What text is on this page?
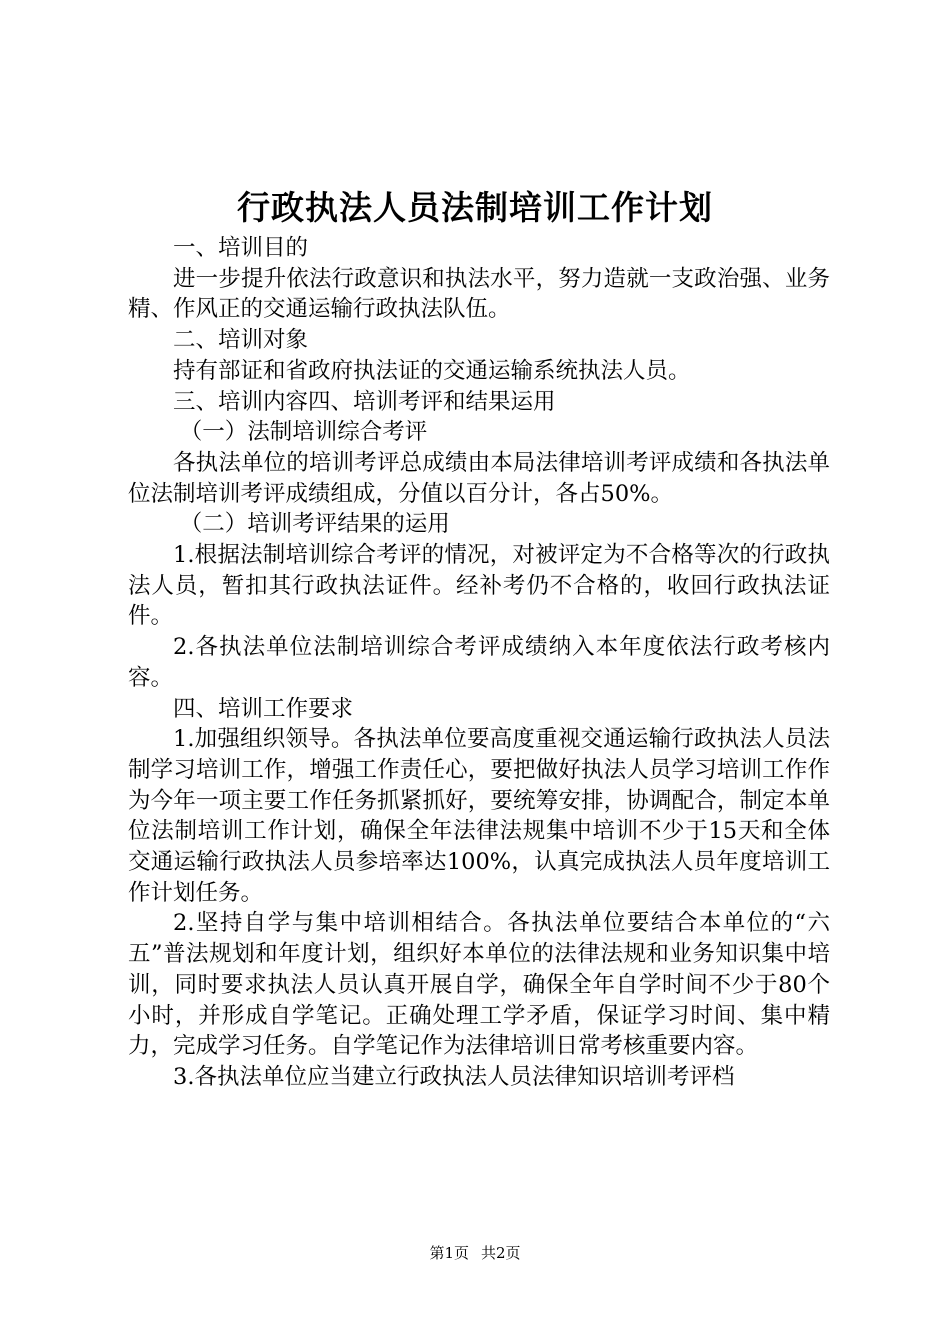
行政执法人员法制培训工作计划

一、培训目的

进一步提升依法行政意识和执法水平，努力造就一支政治强、业务精、作风正的交通运输行政执法队伍。

二、培训对象

持有部证和省政府执法证的交通运输系统执法人员。

三、培训内容四、培训考评和结果运用

（一）法制培训综合考评

各执法单位的培训考评总成绩由本局法律培训考评成绩和各执法单位法制培训考评成绩组成，分值以百分计，各占50%。

（二）培训考评结果的运用

1.根据法制培训综合考评的情况，对被评定为不合格等次的行政执法人员，暂扣其行政执法证件。经补考仍不合格的，收回行政执法证件。

2.各执法单位法制培训综合考评成绩纳入本年度依法行政考核内容。

四、培训工作要求

1.加强组织领导。各执法单位要高度重视交通运输行政执法人员法制学习培训工作，增强工作责任心，要把做好执法人员学习培训工作作为今年一项主要工作任务抓紧抓好，要统筹安排，协调配合，制定本单位法制培训工作计划，确保全年法律法规集中培训不少于15天和全体交通运输行政执法人员参培率达100%，认真完成执法人员年度培训工作计划任务。

2.坚持自学与集中培训相结合。各执法单位要结合本单位的“六五”普法规划和年度计划，组织好本单位的法律法规和业务知识集中培训，同时要求执法人员认真开展自学，确保全年自学时间不少于80个小时，并形成自学笔记。正确处理工学矛盾，保证学习时间、集中精力，完成学习任务。自学笔记作为法律培训日常考核重要内容。

3.各执法单位应当建立行政执法人员法律知识培训考评档

第1页 共2页
